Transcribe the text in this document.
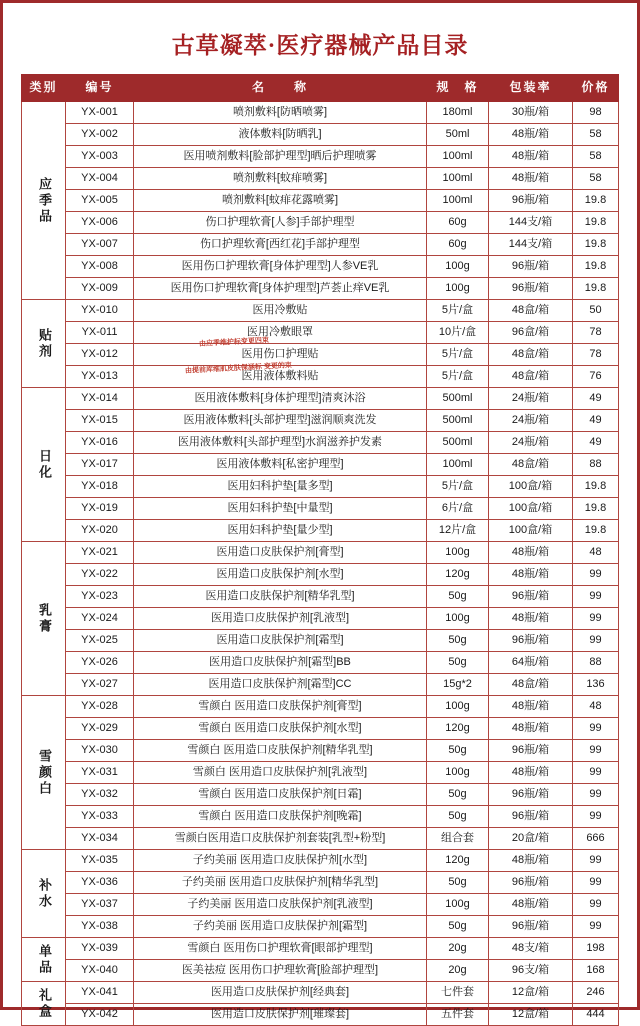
古草凝萃·医疗器械产品目录
类别	编号	名　　称	规　格	包装率	价格
应季品	YX-001	喷剂敷料[防晒喷雾]	180ml	30瓶/箱	98
	YX-002	液体敷料[防晒乳]	50ml	48瓶/箱	58
	YX-003	医用喷剂敷料[脸部护理型]晒后护理喷雾	100ml	48瓶/箱	58
	YX-004	喷剂敷料[蚊痱喷雾]	100ml	48瓶/箱	58
	YX-005	喷剂敷料[蚊痱花露喷雾]	100ml	96瓶/箱	19.8
	YX-006	伤口护理软膏[人参]手部护理型	60g	144支/箱	19.8
	YX-007	伤口护理软膏[西红花]手部护理型	60g	144支/箱	19.8
	YX-008	医用伤口护理软膏[身体护理型]人参VE乳	100g	96瓶/箱	19.8
	YX-009	医用伤口护理软膏[身体护理型]芦荟止痒VE乳	100g	96瓶/箱	19.8
贴剂	YX-010	医用冷敷贴	5片/盒	48盒/箱	50
	YX-011	医用冷敷眼罩	10片/盒	96盒/箱	78
	YX-012	医用伤口护理贴	5片/盒	48盒/箱	78
	YX-013	医用液体敷料贴	5片/盒	48盒/箱	76
日化	YX-014	医用液体敷料[身体护理型]清爽沐浴	500ml	24瓶/箱	49
	YX-015	医用液体敷料[头部护理型]滋润顺爽洗发	500ml	24瓶/箱	49
	YX-016	医用液体敷料[头部护理型]水润滋养护发素	500ml	24瓶/箱	49
	YX-017	医用液体敷料[私密护理型]	100ml	48盒/箱	88
	YX-018	医用妇科护垫[量多型]	5片/盒	100盒/箱	19.8
	YX-019	医用妇科护垫[中量型]	6片/盒	100盒/箱	19.8
	YX-020	医用妇科护垫[量少型]	12片/盒	100盒/箱	19.8
乳膏	YX-021	医用造口皮肤保护剂[膏型]	100g	48瓶/箱	48
	YX-022	医用造口皮肤保护剂[水型]	120g	48瓶/箱	99
	YX-023	医用造口皮肤保护剂[精华乳型]	50g	96瓶/箱	99
	YX-024	医用造口皮肤保护剂[乳液型]	100g	48瓶/箱	99
	YX-025	医用造口皮肤保护剂[霜型]	50g	96瓶/箱	99
	YX-026	医用造口皮肤保护剂[霜型]BB	50g	64瓶/箱	88
	YX-027	医用造口皮肤保护剂[霜型]CC	15g*2	48盒/箱	136
雪颜白	YX-028	雪颜白 医用造口皮肤保护剂[膏型]	100g	48瓶/箱	48
	YX-029	雪颜白 医用造口皮肤保护剂[水型]	120g	48瓶/箱	99
	YX-030	雪颜白 医用造口皮肤保护剂[精华乳型]	50g	96瓶/箱	99
	YX-031	雪颜白 医用造口皮肤保护剂[乳液型]	100g	48瓶/箱	99
	YX-032	雪颜白 医用造口皮肤保护剂[日霜]	50g	96瓶/箱	99
	YX-033	雪颜白 医用造口皮肤保护剂[晚霜]	50g	96瓶/箱	99
	YX-034	雪颜白医用造口皮肤保护剂套装[乳型+粉型]	组合套	20盒/箱	666
补水	YX-035	子约美丽 医用造口皮肤保护剂[水型]	120g	48瓶/箱	99
	YX-036	子约美丽 医用造口皮肤保护剂[精华乳型]	50g	96瓶/箱	99
	YX-037	子约美丽 医用造口皮肤保护剂[乳液型]	100g	48瓶/箱	99
	YX-038	子约美丽 医用造口皮肤保护剂[霜型]	50g	96瓶/箱	99
单品	YX-039	雪颜白 医用伤口护理软膏[眼部护理型]	20g	48支/箱	198
	YX-040	医美祛痘 医用伤口护理软膏[脸部护理型]	20g	96支/箱	168
礼盒	YX-041	医用造口皮肤保护剂[经典套]	七件套	12盒/箱	246
	YX-042	医用造口皮肤保护剂[璀璨套]	五件套	12盒/箱	444
由应季维护标变更四束
由提前库维肌皮肤保涵标 变更的束
